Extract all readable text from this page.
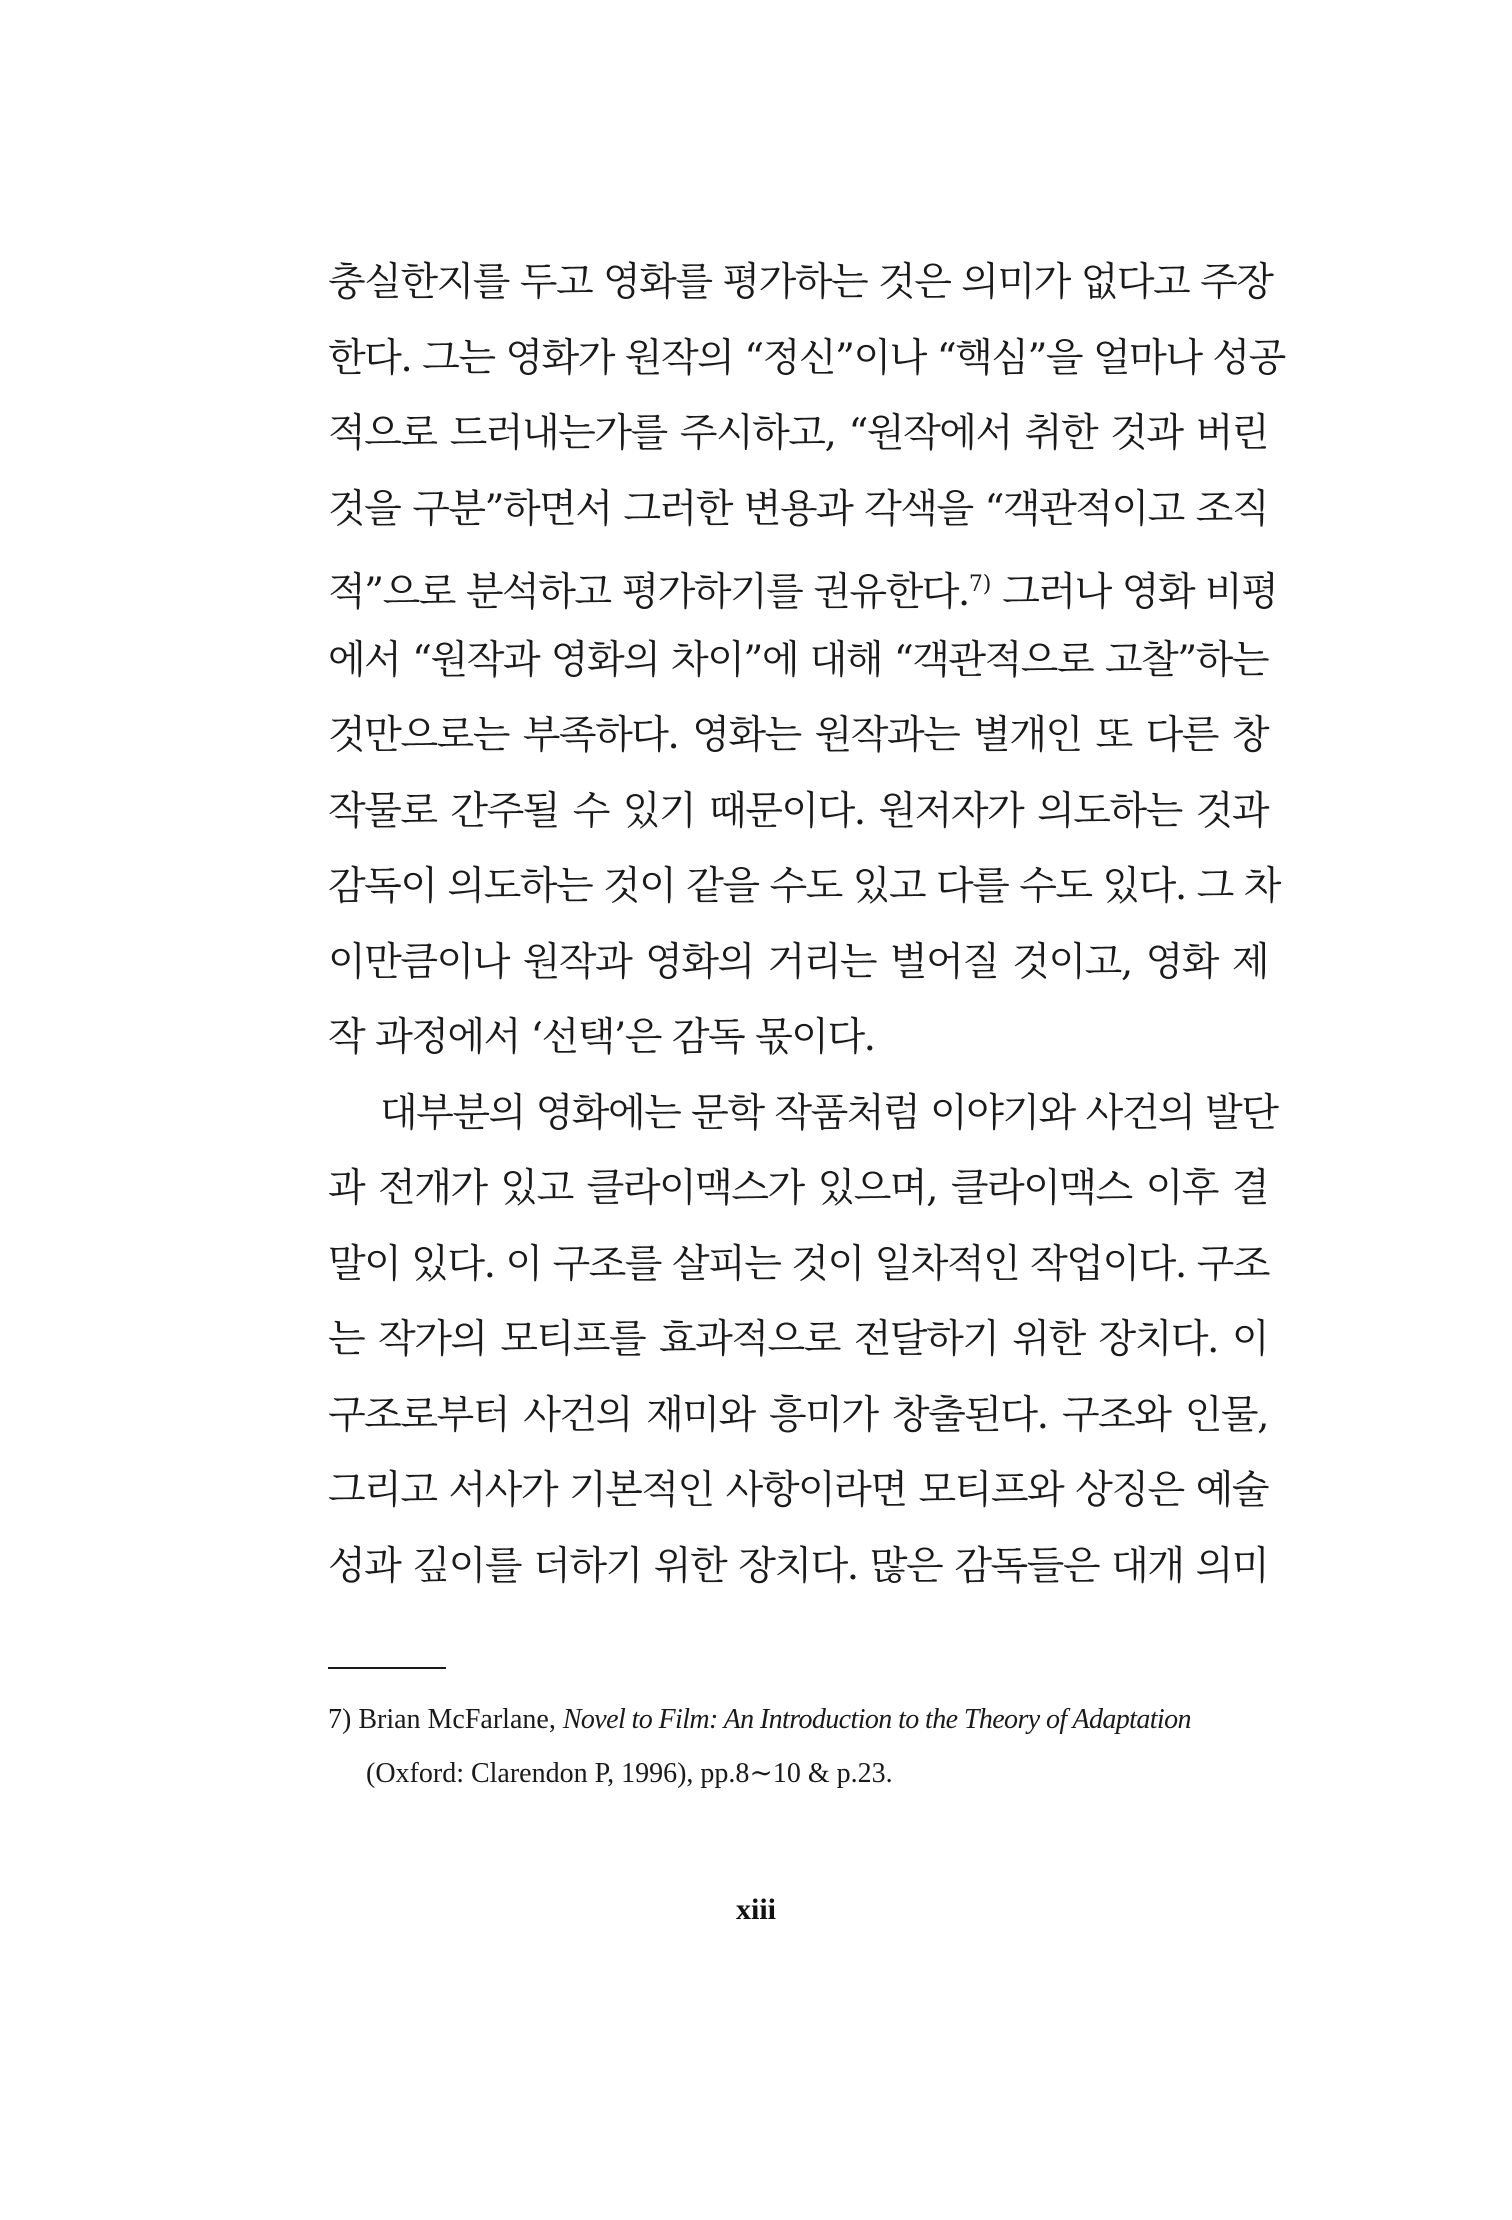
충실한지를 두고 영화를 평가하는 것은 의미가 없다고 주장
한다. 그는 영화가 원작의 “정신”이나 “핵심”을 얼마나 성공
적으로 드러내는가를 주시하고, “원작에서 취한 것과 버린
것을 구분”하면서 그러한 변용과 각색을 “객관적이고 조직
적”으로 분석하고 평가하기를 권유한다.$^{7)}$ 그러나 영화 비평
에서 “원작과 영화의 차이”에 대해 “객관적으로 고찰”하는
것만으로는 부족하다. 영화는 원작과는 별개인 또 다른 창
작물로 간주될 수 있기 때문이다. 원저자가 의도하는 것과
감독이 의도하는 것이 같을 수도 있고 다를 수도 있다. 그 차
이만큼이나 원작과 영화의 거리는 벌어질 것이고, 영화 제
작 과정에서 ‘선택’은 감독 몫이다.
대부분의 영화에는 문학 작품처럼 이야기와 사건의 발단
과 전개가 있고 클라이맥스가 있으며, 클라이맥스 이후 결
말이 있다. 이 구조를 살피는 것이 일차적인 작업이다. 구조
는 작가의 모티프를 효과적으로 전달하기 위한 장치다. 이
구조로부터 사건의 재미와 흥미가 창출된다. 구조와 인물,
그리고 서사가 기본적인 사항이라면 모티프와 상징은 예술
성과 깊이를 더하기 위한 장치다. 많은 감독들은 대개 의미
7) Brian McFarlane, Novel to Film: An Introduction to the Theory of Adaptation
(Oxford: Clarendon P, 1996), pp.8∼10 & p.23.
xiii
